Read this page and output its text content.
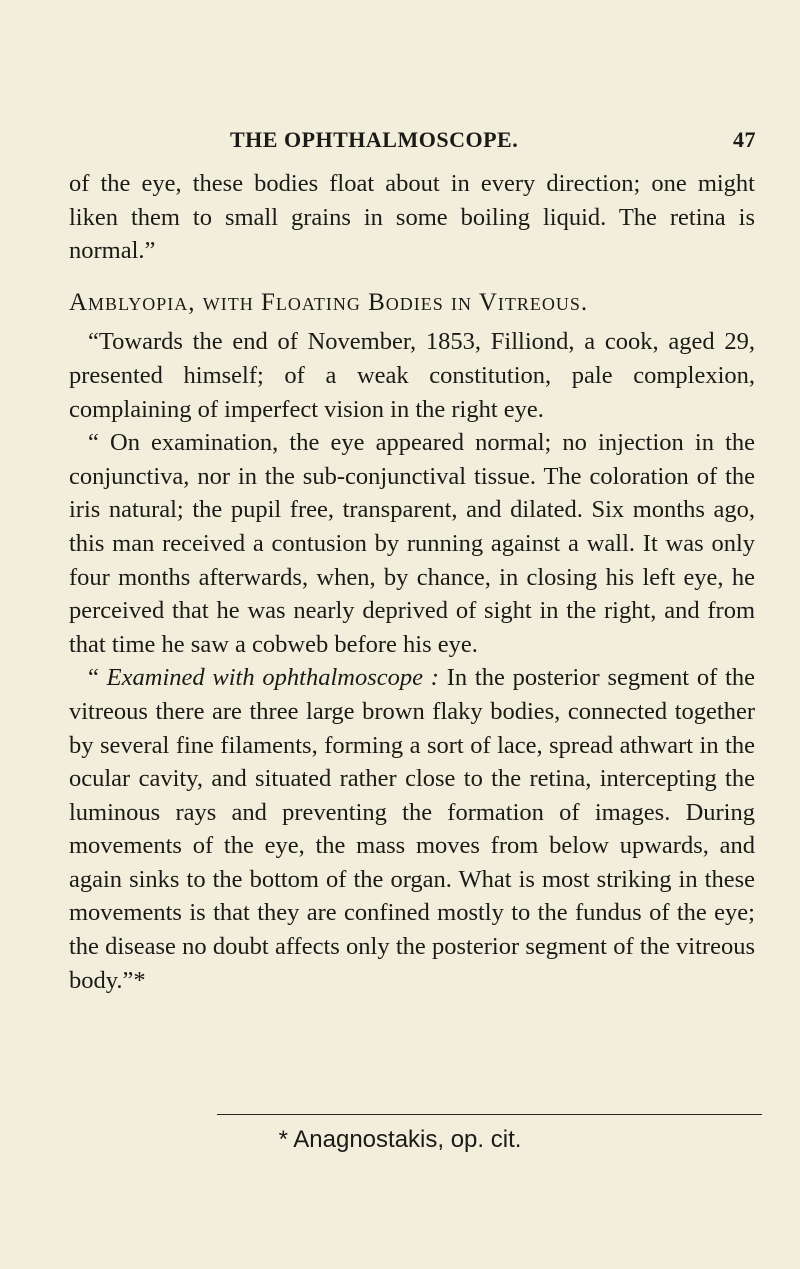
THE OPHTHALMOSCOPE.	47

of the eye, these bodies float about in every direction; one might liken them to small grains in some boiling liquid. The retina is normal.”

Amblyopia, with Floating Bodies in Vitreous.

“Towards the end of November, 1853, Filliond, a cook, aged 29, presented himself; of a weak constitution, pale complexion, complaining of imperfect vision in the right eye.

“ On examination, the eye appeared normal; no injection in the conjunctiva, nor in the sub-conjunctival tissue. The coloration of the iris natural; the pupil free, transparent, and dilated. Six months ago, this man received a contusion by running against a wall. It was only four months afterwards, when, by chance, in closing his left eye, he perceived that he was nearly deprived of sight in the right, and from that time he saw a cobweb before his eye.

“ Examined with ophthalmoscope : In the posterior segment of the vitreous there are three large brown flaky bodies, connected together by several fine filaments, forming a sort of lace, spread athwart in the ocular cavity, and situated rather close to the retina, intercepting the luminous rays and preventing the formation of images. During movements of the eye, the mass moves from below upwards, and again sinks to the bottom of the organ. What is most striking in these movements is that they are confined mostly to the fundus of the eye; the disease no doubt affects only the posterior segment of the vitreous body.”*

* Anagnostakis, op. cit.
